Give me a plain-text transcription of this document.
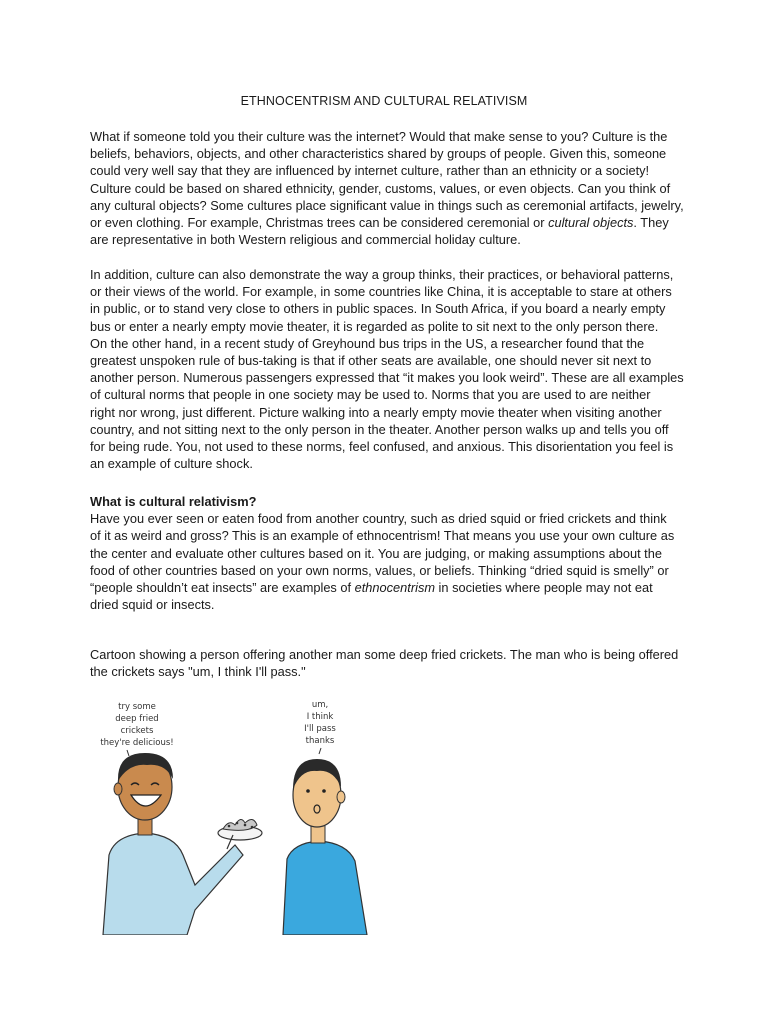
ETHNOCENTRISM AND CULTURAL RELATIVISM

What if someone told you their culture was the internet? Would that make sense to you? Culture is the
beliefs, behaviors, objects, and other characteristics shared by groups of people. Given this, someone
could very well say that they are influenced by internet culture, rather than an ethnicity or a society!
Culture could be based on shared ethnicity, gender, customs, values, or even objects. Can you think of
any cultural objects? Some cultures place significant value in things such as ceremonial artifacts, jewelry,
or even clothing. For example, Christmas trees can be considered ceremonial or cultural objects. They
are representative in both Western religious and commercial holiday culture.

In addition, culture can also demonstrate the way a group thinks, their practices, or behavioral patterns,
or their views of the world. For example, in some countries like China, it is acceptable to stare at others
in public, or to stand very close to others in public spaces. In South Africa, if you board a nearly empty
bus or enter a nearly empty movie theater, it is regarded as polite to sit next to the only person there.
On the other hand, in a recent study of Greyhound bus trips in the US, a researcher found that the
greatest unspoken rule of bus-taking is that if other seats are available, one should never sit next to
another person. Numerous passengers expressed that “it makes you look weird”. These are all examples
of cultural norms that people in one society may be used to. Norms that you are used to are neither
right nor wrong, just different. Picture walking into a nearly empty movie theater when visiting another
country, and not sitting next to the only person in the theater. Another person walks up and tells you off
for being rude. You, not used to these norms, feel confused, and anxious. This disorientation you feel is
an example of culture shock.

What is cultural relativism?
Have you ever seen or eaten food from another country, such as dried squid or fried crickets and think
of it as weird and gross? This is an example of ethnocentrism! That means you use your own culture as
the center and evaluate other cultures based on it. You are judging, or making assumptions about the
food of other countries based on your own norms, values, or beliefs. Thinking “dried squid is smelly” or
“people shouldn’t eat insects” are examples of ethnocentrism in societies where people may not eat
dried squid or insects.

Cartoon showing a person offering another man some deep fried crickets. The man who is being offered
the crickets says "um, I think I'll pass."

try some
deep fried
crickets
they're delicious!
um,
I think
I'll pass
thanks
